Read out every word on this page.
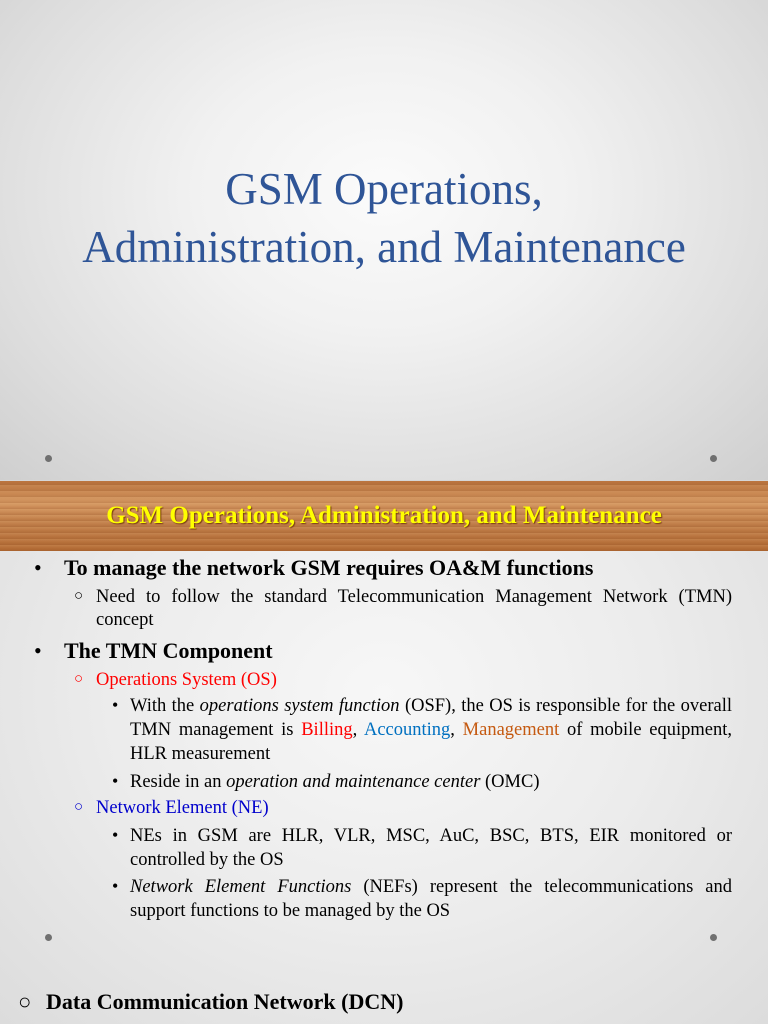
GSM Operations,
Administration, and Maintenance
GSM Operations, Administration, and Maintenance
• To manage the network GSM requires OA&M functions

○ Need to follow the standard Telecommunication Management Network (TMN) concept

• The TMN Component

○ Operations System (OS)

• With the operations system function (OSF), the OS is responsible for the overall TMN management is Billing, Accounting, Management of mobile equipment, HLR measurement

• Reside in an operation and maintenance center (OMC)

○ Network Element (NE)

• NEs in GSM are HLR, VLR, MSC, AuC, BSC, BTS, EIR monitored or controlled by the OS

• Network Element Functions (NEFs) represent the telecommunications and support functions to be managed by the OS

○ Data Communication Network (DCN)
